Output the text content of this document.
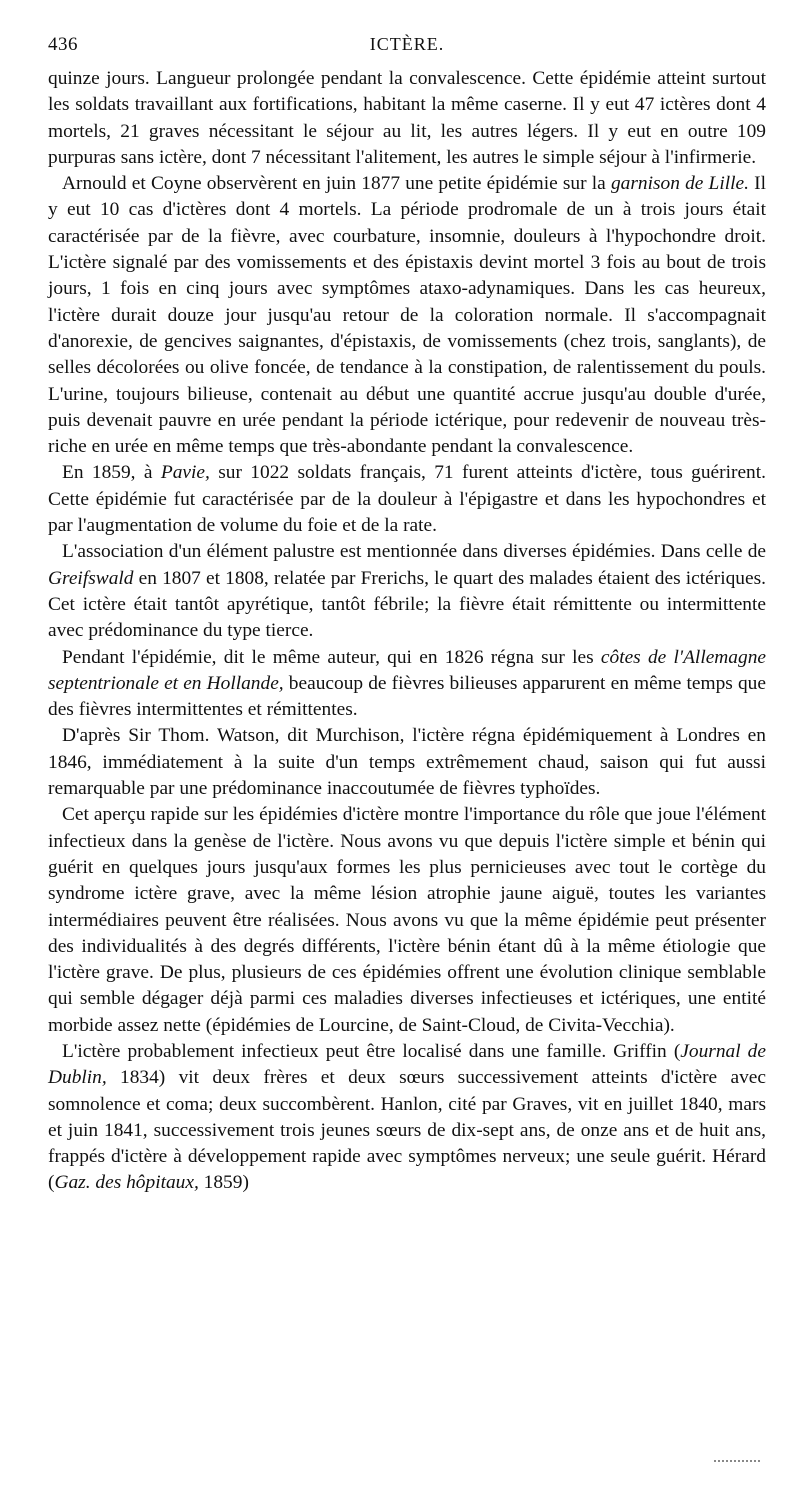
436	ICTÈRE.

quinze jours. Langueur prolongée pendant la convalescence. Cette épidémie atteint surtout les soldats travaillant aux fortifications, habitant la même caserne. Il y eut 47 ictères dont 4 mortels, 21 graves nécessitant le séjour au lit, les autres légers. Il y eut en outre 109 purpuras sans ictère, dont 7 nécessitant l'alitement, les autres le simple séjour à l'infirmerie.

Arnould et Coyne observèrent en juin 1877 une petite épidémie sur la garnison de Lille. Il y eut 10 cas d'ictères dont 4 mortels. La période prodromale de un à trois jours était caractérisée par de la fièvre, avec courbature, insomnie, douleurs à l'hypochondre droit. L'ictère signalé par des vomissements et des épistaxis devint mortel 3 fois au bout de trois jours, 1 fois en cinq jours avec symptômes ataxo-adynamiques. Dans les cas heureux, l'ictère durait douze jour jusqu'au retour de la coloration normale. Il s'accompagnait d'anorexie, de gencives saignantes, d'épistaxis, de vomissements (chez trois, sanglants), de selles décolorées ou olive foncée, de tendance à la constipation, de ralentissement du pouls. L'urine, toujours bilieuse, contenait au début une quantité accrue jusqu'au double d'urée, puis devenait pauvre en urée pendant la période ictérique, pour redevenir de nouveau très-riche en urée en même temps que très-abondante pendant la convalescence.

En 1859, à Pavie, sur 1022 soldats français, 71 furent atteints d'ictère, tous guérirent. Cette épidémie fut caractérisée par de la douleur à l'épigastre et dans les hypochondres et par l'augmentation de volume du foie et de la rate.

L'association d'un élément palustre est mentionnée dans diverses épidémies. Dans celle de Greifswald en 1807 et 1808, relatée par Frerichs, le quart des malades étaient des ictériques. Cet ictère était tantôt apyrétique, tantôt fébrile; la fièvre était rémittente ou intermittente avec prédominance du type tierce.

Pendant l'épidémie, dit le même auteur, qui en 1826 régna sur les côtes de l'Allemagne septentrionale et en Hollande, beaucoup de fièvres bilieuses apparurent en même temps que des fièvres intermittentes et rémittentes.

D'après Sir Thom. Watson, dit Murchison, l'ictère régna épidémiquement à Londres en 1846, immédiatement à la suite d'un temps extrêmement chaud, saison qui fut aussi remarquable par une prédominance inaccoutumée de fièvres typhoïdes.

Cet aperçu rapide sur les épidémies d'ictère montre l'importance du rôle que joue l'élément infectieux dans la genèse de l'ictère. Nous avons vu que depuis l'ictère simple et bénin qui guérit en quelques jours jusqu'aux formes les plus pernicieuses avec tout le cortège du syndrome ictère grave, avec la même lésion atrophie jaune aiguë, toutes les variantes intermédiaires peuvent être réalisées. Nous avons vu que la même épidémie peut présenter des individualités à des degrés différents, l'ictère bénin étant dû à la même étiologie que l'ictère grave. De plus, plusieurs de ces épidémies offrent une évolution clinique semblable qui semble dégager déjà parmi ces maladies diverses infectieuses et ictériques, une entité morbide assez nette (épidémies de Lourcine, de Saint-Cloud, de Civita-Vecchia).

L'ictère probablement infectieux peut être localisé dans une famille. Griffin (Journal de Dublin, 1834) vit deux frères et deux sœurs successivement atteints d'ictère avec somnolence et coma; deux succombèrent. Hanlon, cité par Graves, vit en juillet 1840, mars et juin 1841, successivement trois jeunes sœurs de dix-sept ans, de onze ans et de huit ans, frappés d'ictère à développement rapide avec symptômes nerveux; une seule guérit. Hérard (Gaz. des hôpitaux, 1859)
